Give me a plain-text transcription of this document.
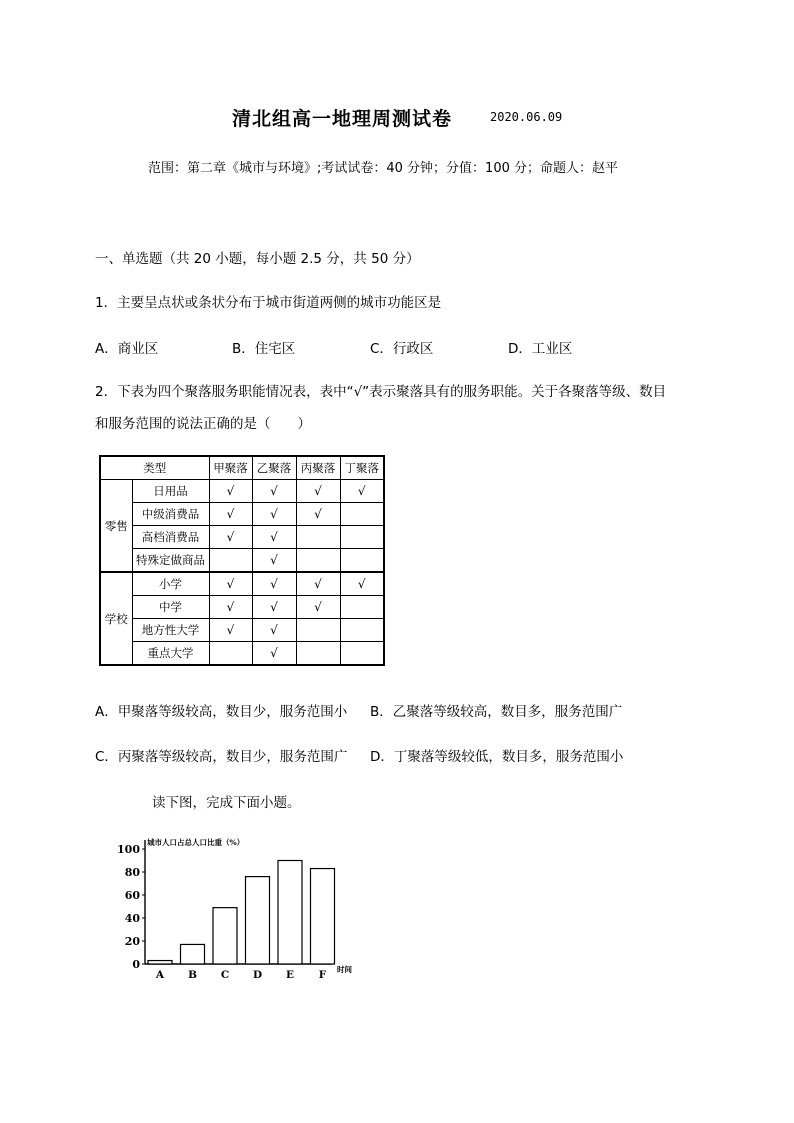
清北组高一地理周测试卷	2020.06.09
范围：第二章《城市与环境》;考试试卷：40 分钟；分值：100 分；命题人：赵平
一、单选题（共 20 小题，每小题 2.5 分，共 50 分）
1．主要呈点状或条状分布于城市街道两侧的城市功能区是
A．商业区	B．住宅区	C．行政区	D．工业区
2．下表为四个聚落服务职能情况表，表中“√”表示聚落具有的服务职能。关于各聚落等级、数目
和服务范围的说法正确的是（　　）
类型		甲聚落	乙聚落	丙聚落	丁聚落
零售	日用品	√	√	√	√
	中级消费品	√	√	√	
	高档消费品	√	√		
	特殊定做商品		√		
学校	小学	√	√	√	√
	中学	√	√	√	
	地方性大学	√	√		
	重点大学		√		
A．甲聚落等级较高，数目少，服务范围小 B．乙聚落等级较高，数目多，服务范围广
C．丙聚落等级较高，数目少，服务范围广 D．丁聚落等级较低，数目多，服务范围小
读下图，完成下面小题。
城市人口占总人口比重（%）
时间
100
80
60
40
20
0
A B C D E F
